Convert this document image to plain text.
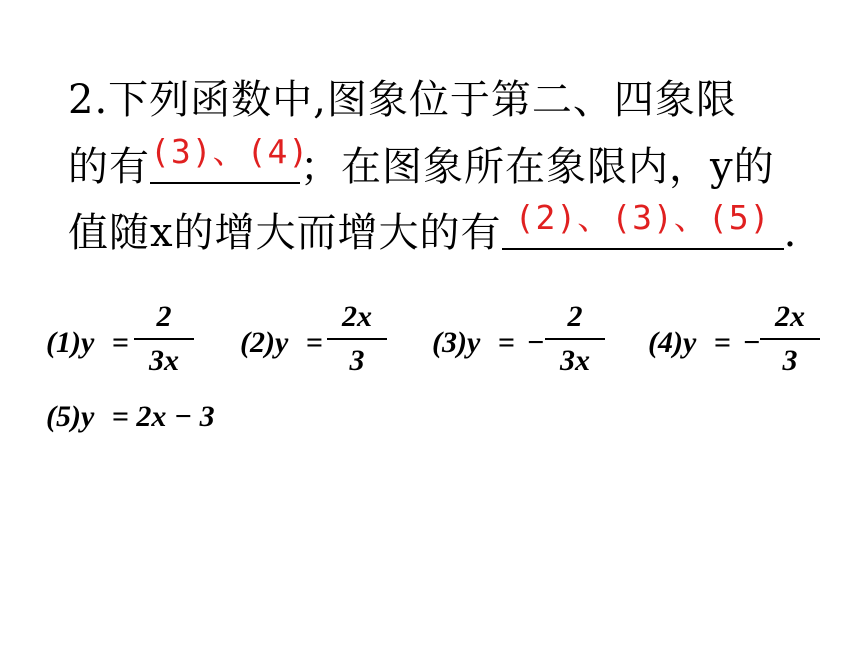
2.下列函数中,图象位于第二、四象限
的有 (3)、(4)
；在图象所在象限内，y的
值随x的增大而增大的有 (2)、(3)、(5) .
(1)y =
2
3x
(2)y =
2x
3
(3)y = −
2
3x
(4)y = −
2x
3
(5)y = 2x − 3
